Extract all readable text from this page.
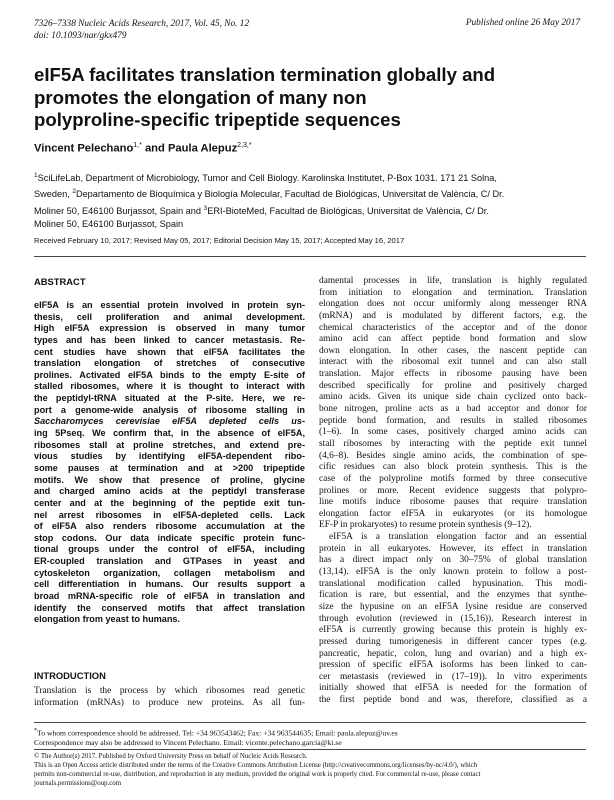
7326–7338 Nucleic Acids Research, 2017, Vol. 45, No. 12
doi: 10.1093/nar/gkx479
Published online 26 May 2017
eIF5A facilitates translation termination globally and
promotes the elongation of many non
polyproline-specific tripeptide sequences
Vincent Pelechano$^{1,*}$ and Paula Alepuz$^{2,3,*}$
$^1$SciLifeLab, Department of Microbiology, Tumor and Cell Biology. Karolinska Institutet, P-Box 1031. 171 21 Solna,
Sweden, $^2$Departamento de Bioquímica y Biología Molecular, Facultad de Biológicas, Universitat de València, C/ Dr.
Moliner 50, E46100 Burjassot, Spain and $^3$ERI-BioteMed, Facultad de Biológicas, Universitat de València, C/ Dr.
Moliner 50, E46100 Burjassot, Spain
Received February 10, 2017; Revised May 05, 2017; Editorial Decision May 15, 2017; Accepted May 16, 2017
ABSTRACT
eIF5A is an essential protein involved in protein syn-
thesis, cell proliferation and animal development.
High eIF5A expression is observed in many tumor
types and has been linked to cancer metastasis. Re-
cent studies have shown that eIF5A facilitates the
translation elongation of stretches of consecutive
prolines. Activated eIF5A binds to the empty E-site of
stalled ribosomes, where it is thought to interact with
the peptidyl-tRNA situated at the P-site. Here, we re-
port a genome-wide analysis of ribosome stalling in
Saccharomyces cerevisiae eIF5A depleted cells us-
ing 5Pseq. We confirm that, in the absence of eIF5A,
ribosomes stall at proline stretches, and extend pre-
vious studies by identifying eIF5A-dependent ribo-
some pauses at termination and at >200 tripeptide
motifs. We show that presence of proline, glycine
and charged amino acids at the peptidyl transferase
center and at the beginning of the peptide exit tun-
nel arrest ribosomes in eIF5A-depleted cells. Lack
of eIF5A also renders ribosome accumulation at the
stop codons. Our data indicate specific protein func-
tional groups under the control of eIF5A, including
ER-coupled translation and GTPases in yeast and
cytoskeleton organization, collagen metabolism and
cell differentiation in humans. Our results support a
broad mRNA-specific role of eIF5A in translation and
identify the conserved motifs that affect translation
elongation from yeast to humans.
INTRODUCTION
Translation is the process by which ribosomes read genetic
information (mRNAs) to produce new proteins. As all fun-
damental processes in life, translation is highly regulated
from initiation to elongation and termination. Translation
elongation does not occur uniformly along messenger RNA
(mRNA) and is modulated by different factors, e.g. the
chemical characteristics of the acceptor and of the donor
amino acid can affect peptide bond formation and slow
down elongation. In other cases, the nascent peptide can
interact with the ribosomal exit tunnel and can also stall
translation. Major effects in ribosome pausing have been
described specifically for proline and positively charged
amino acids. Given its unique side chain cyclized onto back-
bone nitrogen, proline acts as a bad acceptor and donor for
peptide bond formation, and results in stalled ribosomes
(1–6). In some cases, positively charged amino acids can
stall ribosomes by interacting with the peptide exit tunnel
(4,6–8). Besides single amino acids, the combination of spe-
cific residues can also block protein synthesis. This is the
case of the polyproline motifs formed by three consecutive
prolines or more. Recent evidence suggests that polypro-
line motifs induce ribosome pauses that require translation
elongation factor eIF5A in eukaryotes (or its homologue
EF-P in prokaryotes) to resume protein synthesis (9–12).
eIF5A is a translation elongation factor and an essential
protein in all eukaryotes. However, its effect in translation
has a direct impact only on 30–75% of global translation
(13,14). eIF5A is the only known protein to follow a post-
translational modification called hypusination. This modi-
fication is rare, but essential, and the enzymes that synthe-
size the hypusine on an eIF5A lysine residue are conserved
through evolution (reviewed in (15,16)). Research interest in
eIF5A is currently growing because this protein is highly ex-
pressed during tumorigenesis in different cancer types (e.g.
pancreatic, hepatic, colon, lung and ovarian) and a high ex-
pression of specific eIF5A isoforms has been linked to can-
cer metastasis (reviewed in (17–19)). In vitro experiments
initially showed that eIF5A is needed for the formation of
the first peptide bond and was, therefore, classified as a
*To whom correspondence should be addressed. Tel: +34 963543462; Fax: +34 963544635; Email: paula.alepuz@uv.es
Correspondence may also be addressed to Vincent Pelechano. Email: vicente.pelechano.garcia@ki.se
© The Author(s) 2017. Published by Oxford University Press on behalf of Nucleic Acids Research.
This is an Open Access article distributed under the terms of the Creative Commons Attribution License (http://creativecommons.org/licenses/by-nc/4.0/), which
permits non-commercial re-use, distribution, and reproduction in any medium, provided the original work is properly cited. For commercial re-use, please contact
journals.permissions@oup.com
